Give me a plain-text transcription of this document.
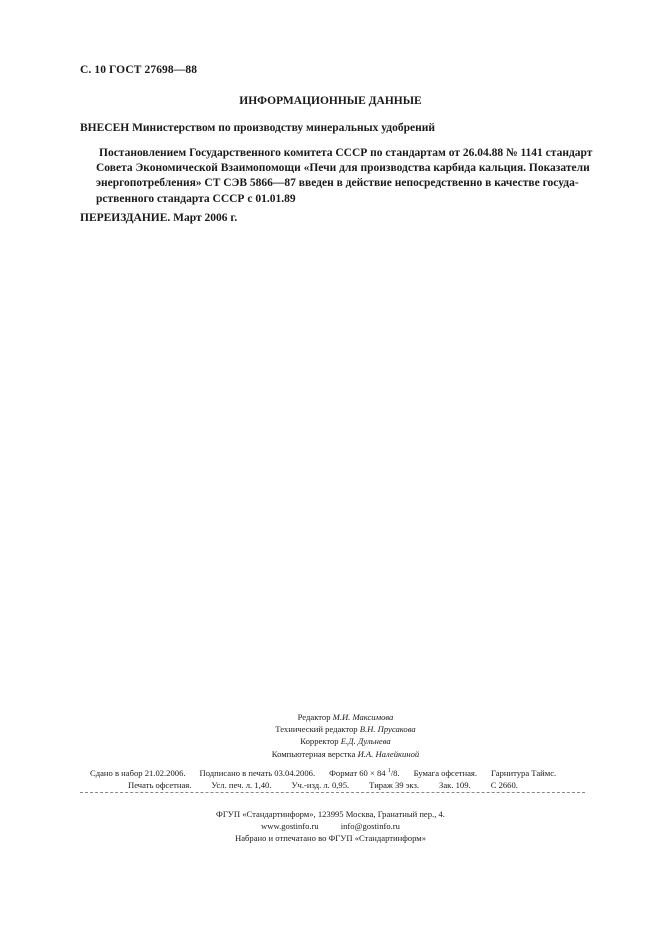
С. 10 ГОСТ 27698—88
ИНФОРМАЦИОННЫЕ ДАННЫЕ
ВНЕСЕН Министерством по производству минеральных удобрений
Постановлением Государственного комитета СССР по стандартам от 26.04.88 № 1141 стандарт
Совета Экономической Взаимопомощи «Печи для производства карбида кальция. Показатели
энергопотребления» СТ СЭВ 5866—87 введен в действие непосредственно в качестве госуда-
рственного стандарта СССР с 01.01.89
ПЕРЕИЗДАНИЕ. Март 2006 г.
Редактор М.И. Максимова
Технический редактор В.Н. Прусакова
Корректор Е.Д. Дульнева
Компьютерная верстка И.А. Налейкиной
Сдано в набор 21.02.2006. Подписано в печать 03.04.2006. Формат 60 × 84 $^1$/8. Бумага офсетная. Гарнитура Таймс.
Печать офсетная. Усл. печ. л. 1,40. Уч.-изд. л. 0,95. Тираж 39 экз. Зак. 109. С 2660.
ФГУП «Стандартинформ», 123995 Москва, Гранатный пер., 4.
www.gostinfo.ru	info@gostinfo.ru
Набрано и отпечатано во ФГУП «Стандартинформ»
